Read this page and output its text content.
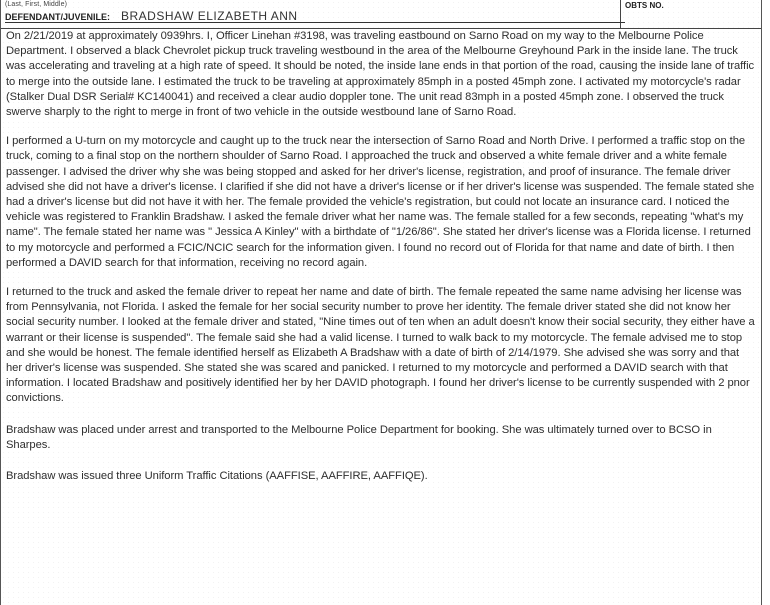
(Last, First, Middle)
DEFENDANT/JUVENILE: BRADSHAW ELIZABETH ANN
OBTS NO.

On 2/21/2019 at approximately 0939hrs. I, Officer Linehan #3198, was traveling eastbound on Sarno Road on my way to the Melbourne Police Department. I observed a black Chevrolet pickup truck traveling westbound in the area of the Melbourne Greyhound Park in the inside lane. The truck was accelerating and traveling at a high rate of speed. It should be noted, the inside lane ends in that portion of the road, causing the inside lane of traffic to merge into the outside lane. I estimated the truck to be traveling at approximately 85mph in a posted 45mph zone. I activated my motorcycle's radar (Stalker Dual DSR Serial# KC140041) and received a clear audio doppler tone. The unit read 83mph in a posted 45mph zone. I observed the truck swerve sharply to the right to merge in front of two vehicle in the outside westbound lane of Sarno Road.

I performed a U-turn on my motorcycle and caught up to the truck near the intersection of Sarno Road and North Drive. I performed a traffic stop on the truck, coming to a final stop on the northern shoulder of Sarno Road. I approached the truck and observed a white female driver and a white female passenger. I advised the driver why she was being stopped and asked for her driver's license, registration, and proof of insurance. The female driver advised she did not have a driver's license. I clarified if she did not have a driver's license or if her driver's license was suspended. The female stated she had a driver's license but did not have it with her. The female provided the vehicle's registration, but could not locate an insurance card. I noticed the vehicle was registered to Franklin Bradshaw. I asked the female driver what her name was. The female stalled for a few seconds, repeating "what's my name". The female stated her name was " Jessica A Kinley" with a birthdate of "1/26/86". She stated her driver's license was a Florida license. I returned to my motorcycle and performed a FCIC/NCIC search for the information given. I found no record out of Florida for that name and date of birth. I then performed a DAVID search for that information, receiving no record again.

I returned to the truck and asked the female driver to repeat her name and date of birth. The female repeated the same name advising her license was from Pennsylvania, not Florida. I asked the female for her social security number to prove her identity. The female driver stated she did not know her social security number. I looked at the female driver and stated, "Nine times out of ten when an adult doesn't know their social security, they either have a warrant or their license is suspended". The female said she had a valid license. I turned to walk back to my motorcycle. The female advised me to stop and she would be honest. The female identified herself as Elizabeth A Bradshaw with a date of birth of 2/14/1979. She advised she was sorry and that her driver's license was suspended. She stated she was scared and panicked. I returned to my motorcycle and performed a DAVID search with that information. I located Bradshaw and positively identified her by her DAVID photograph. I found her driver's license to be currently suspended with 2 pnor convictions.

Bradshaw was placed under arrest and transported to the Melbourne Police Department for booking. She was ultimately turned over to BCSO in Sharpes.

Bradshaw was issued three Uniform Traffic Citations (AAFFISE, AAFFIRE, AAFFIQE).
